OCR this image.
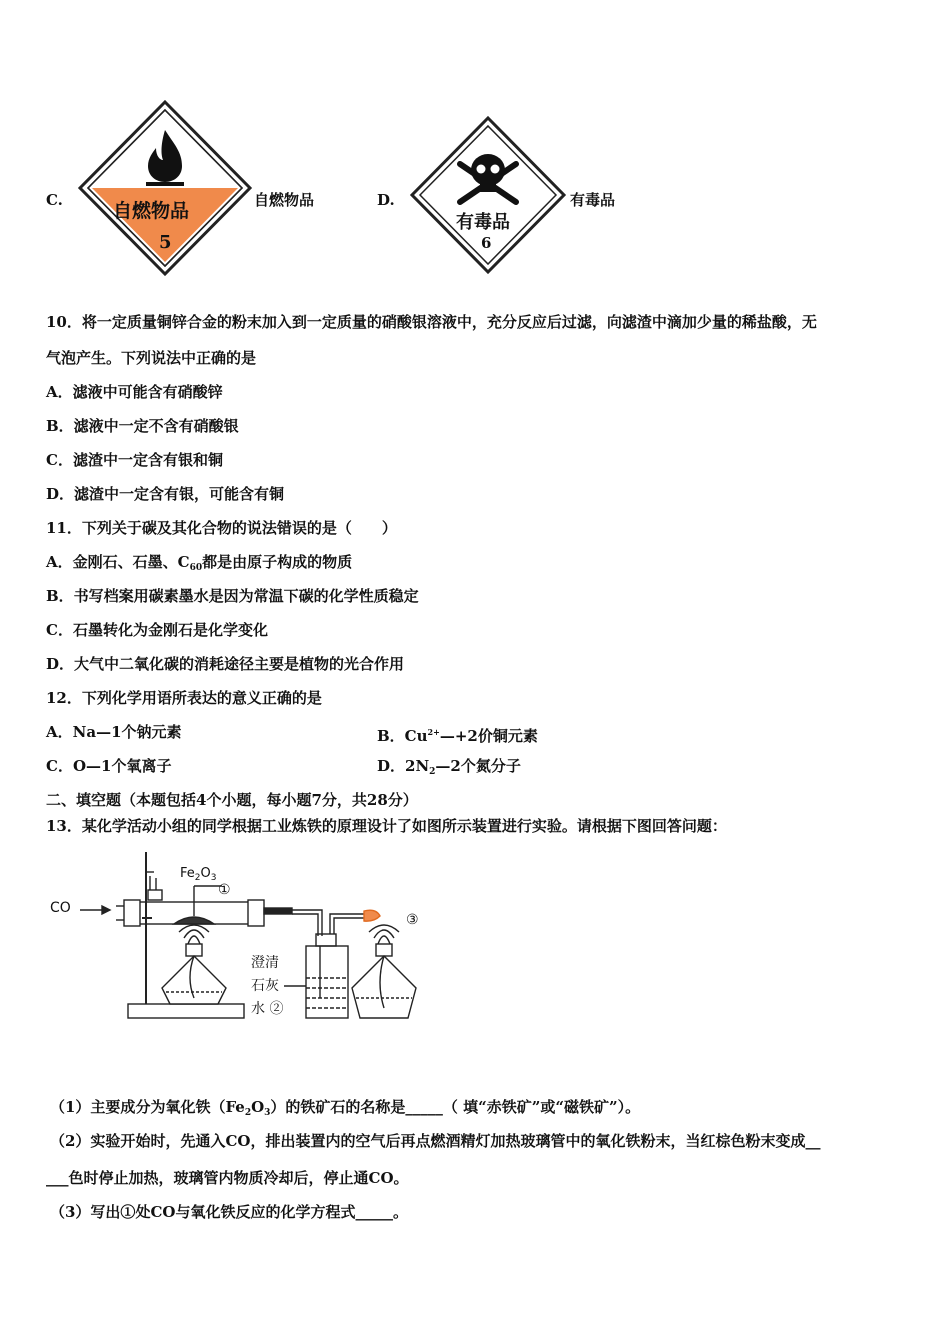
C.	自燃物品
5
自燃物品	D.
有毒品
6
有毒品
10．将一定质量铜锌合金的粉末加入到一定质量的硝酸银溶液中，充分反应后过滤，向滤渣中滴加少量的稀盐酸，无
气泡产生。下列说法中正确的是
A．滤液中可能含有硝酸锌
B．滤液中一定不含有硝酸银
C．滤渣中一定含有银和铜
D．滤渣中一定含有银，可能含有铜
11．下列关于碳及其化合物的说法错误的是（　　）
A．金刚石、石墨、$C_{60}$都是由原子构成的物质
B．书写档案用碳素墨水是因为常温下碳的化学性质稳定
C．石墨转化为金刚石是化学变化
D．大气中二氧化碳的消耗途径主要是植物的光合作用
12．下列化学用语所表达的意义正确的是
A．Na—1个钠元素	B．$Cu^{2+}—+2$价铜元素
C．O—1个氧离子	D．$2N_2—2$个氮分子
二、填空题（本题包括4个小题，每小题7分，共28分）
13．某化学活动小组的同学根据工业炼铁的原理设计了如图所示装置进行实验。请根据下图回答问题：
CO
$Fe_2O_3$
①
③
澄清
石灰
水 ②
（1）主要成分为氧化铁$(Fe_2O_3)$的铁矿石的名称是_____（ 填“赤铁矿”或“磁铁矿”）。
（2）实验开始时，先通入CO，排出装置内的空气后再点燃酒精灯加热玻璃管中的氧化铁粉末，当红棕色粉末变成__
___色时停止加热，玻璃管内物质冷却后，停止通CO。
（3）写出①处CO与氧化铁反应的化学方程式_____。
